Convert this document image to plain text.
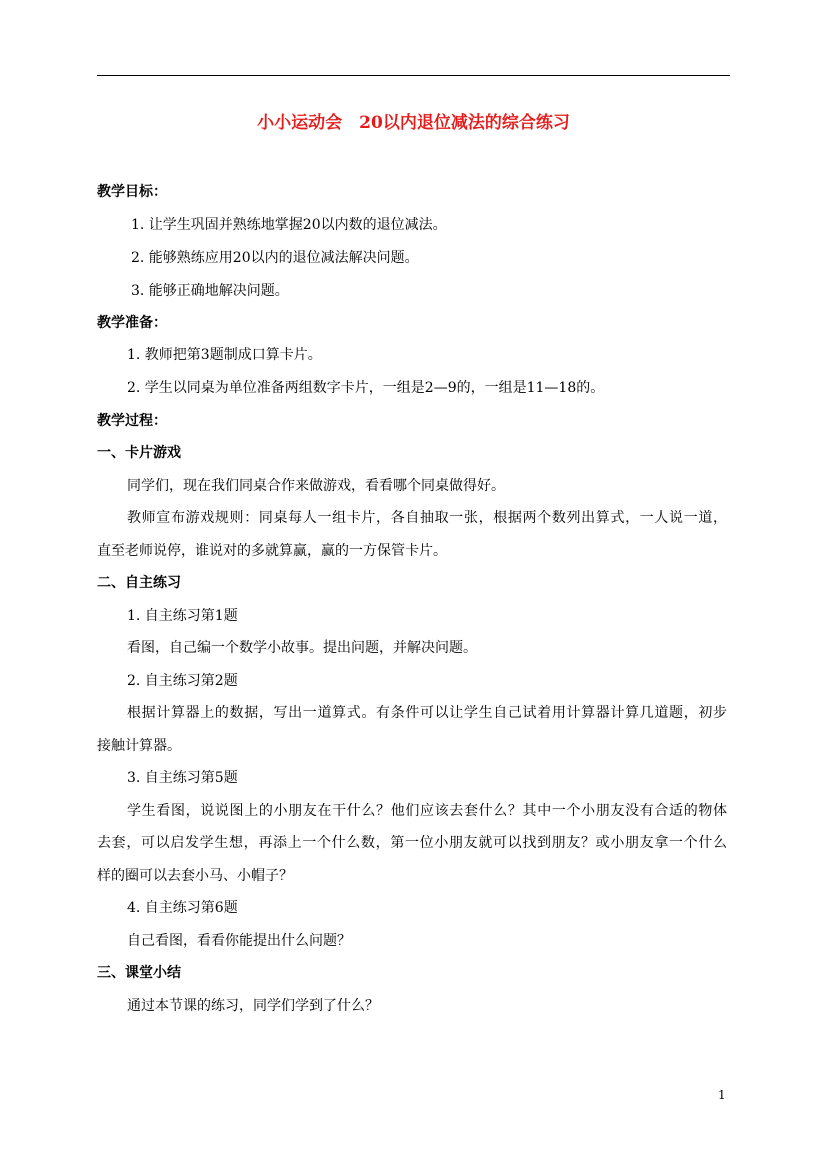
小小运动会　20以内退位减法的综合练习
教学目标：
1. 让学生巩固并熟练地掌握20以内数的退位减法。
2. 能够熟练应用20以内的退位减法解决问题。
3. 能够正确地解决问题。
教学准备：
1. 教师把第3题制成口算卡片。
2. 学生以同桌为单位准备两组数字卡片，一组是2—9的，一组是11—18的。
教学过程：
一、卡片游戏
同学们，现在我们同桌合作来做游戏，看看哪个同桌做得好。
教师宣布游戏规则：同桌每人一组卡片，各自抽取一张，根据两个数列出算式，一人说一道，
直至老师说停，谁说对的多就算赢，赢的一方保管卡片。
二、自主练习
1. 自主练习第1题
看图，自己编一个数学小故事。提出问题，并解决问题。
2. 自主练习第2题
根据计算器上的数据，写出一道算式。有条件可以让学生自己试着用计算器计算几道题，初步
接触计算器。
3. 自主练习第5题
学生看图，说说图上的小朋友在干什么？他们应该去套什么？其中一个小朋友没有合适的物体
去套，可以启发学生想，再添上一个什么数，第一位小朋友就可以找到朋友？或小朋友拿一个什么
样的圈可以去套小马、小帽子？
4. 自主练习第6题
自己看图，看看你能提出什么问题？
三、课堂小结
通过本节课的练习，同学们学到了什么？
1
